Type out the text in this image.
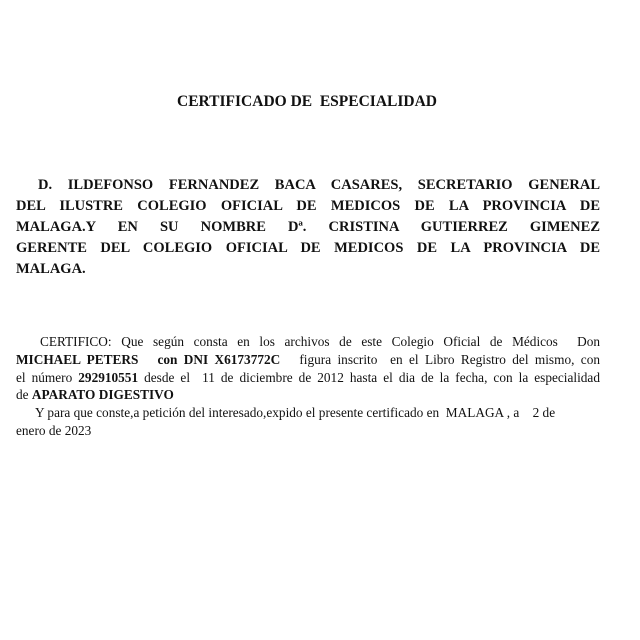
CERTIFICADO DE  ESPECIALIDAD
D. ILDEFONSO FERNANDEZ BACA CASARES, SECRETARIO GENERAL
DEL ILUSTRE COLEGIO OFICIAL DE MEDICOS DE LA PROVINCIA DE
MALAGA.Y EN SU NOMBRE Dª. CRISTINA GUTIERREZ GIMENEZ
GERENTE DEL COLEGIO OFICIAL DE MEDICOS DE LA PROVINCIA DE
MALAGA.
CERTIFICO: Que según consta en los archivos de este Colegio Oficial de Médicos  Don
MICHAEL PETERS   con DNI X6173772C   figura inscrito  en el Libro Registro del mismo, con
el número 292910551 desde el  11 de diciembre de 2012 hasta el dia de la fecha, con la especialidad
de APARATO DIGESTIVO
Y para que conste,a petición del interesado,expido el presente certificado en  MALAGA , a    2 de
enero de 2023
